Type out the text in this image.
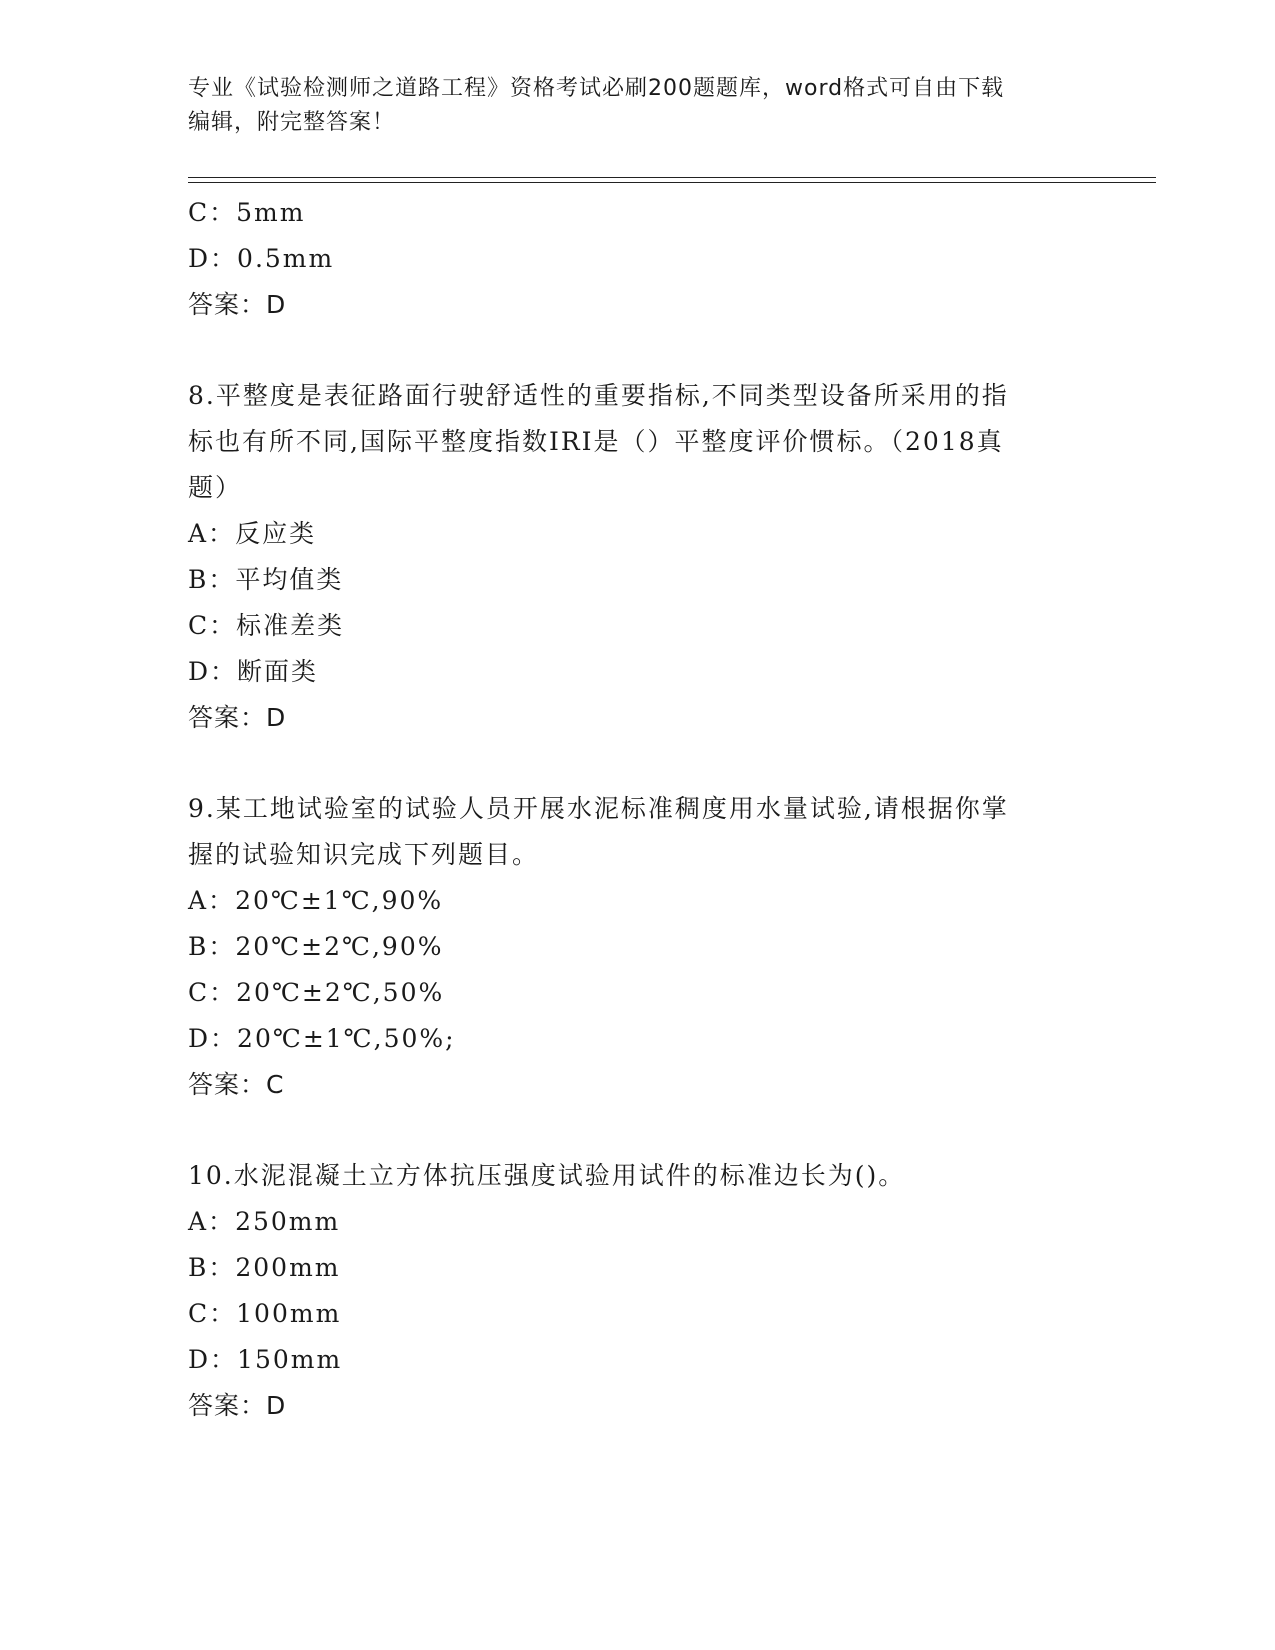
专业《试验检测师之道路工程》资格考试必刷200题题库，word格式可自由下载
编辑，附完整答案！
C：5mm
D：0.5mm
答案：D
8.平整度是表征路面行驶舒适性的重要指标,不同类型设备所采用的指
标也有所不同,国际平整度指数IRI是（）平整度评价惯标。（2018真
题）
A：反应类
B：平均值类
C：标准差类
D：断面类
答案：D
9.某工地试验室的试验人员开展水泥标准稠度用水量试验,请根据你掌
握的试验知识完成下列题目。
A：20℃±1℃,90%
B：20℃±2℃,90%
C：20℃±2℃,50%
D：20℃±1℃,50%;
答案：C
10.水泥混凝土立方体抗压强度试验用试件的标准边长为()。
A：250mm
B：200mm
C：100mm
D：150mm
答案：D
